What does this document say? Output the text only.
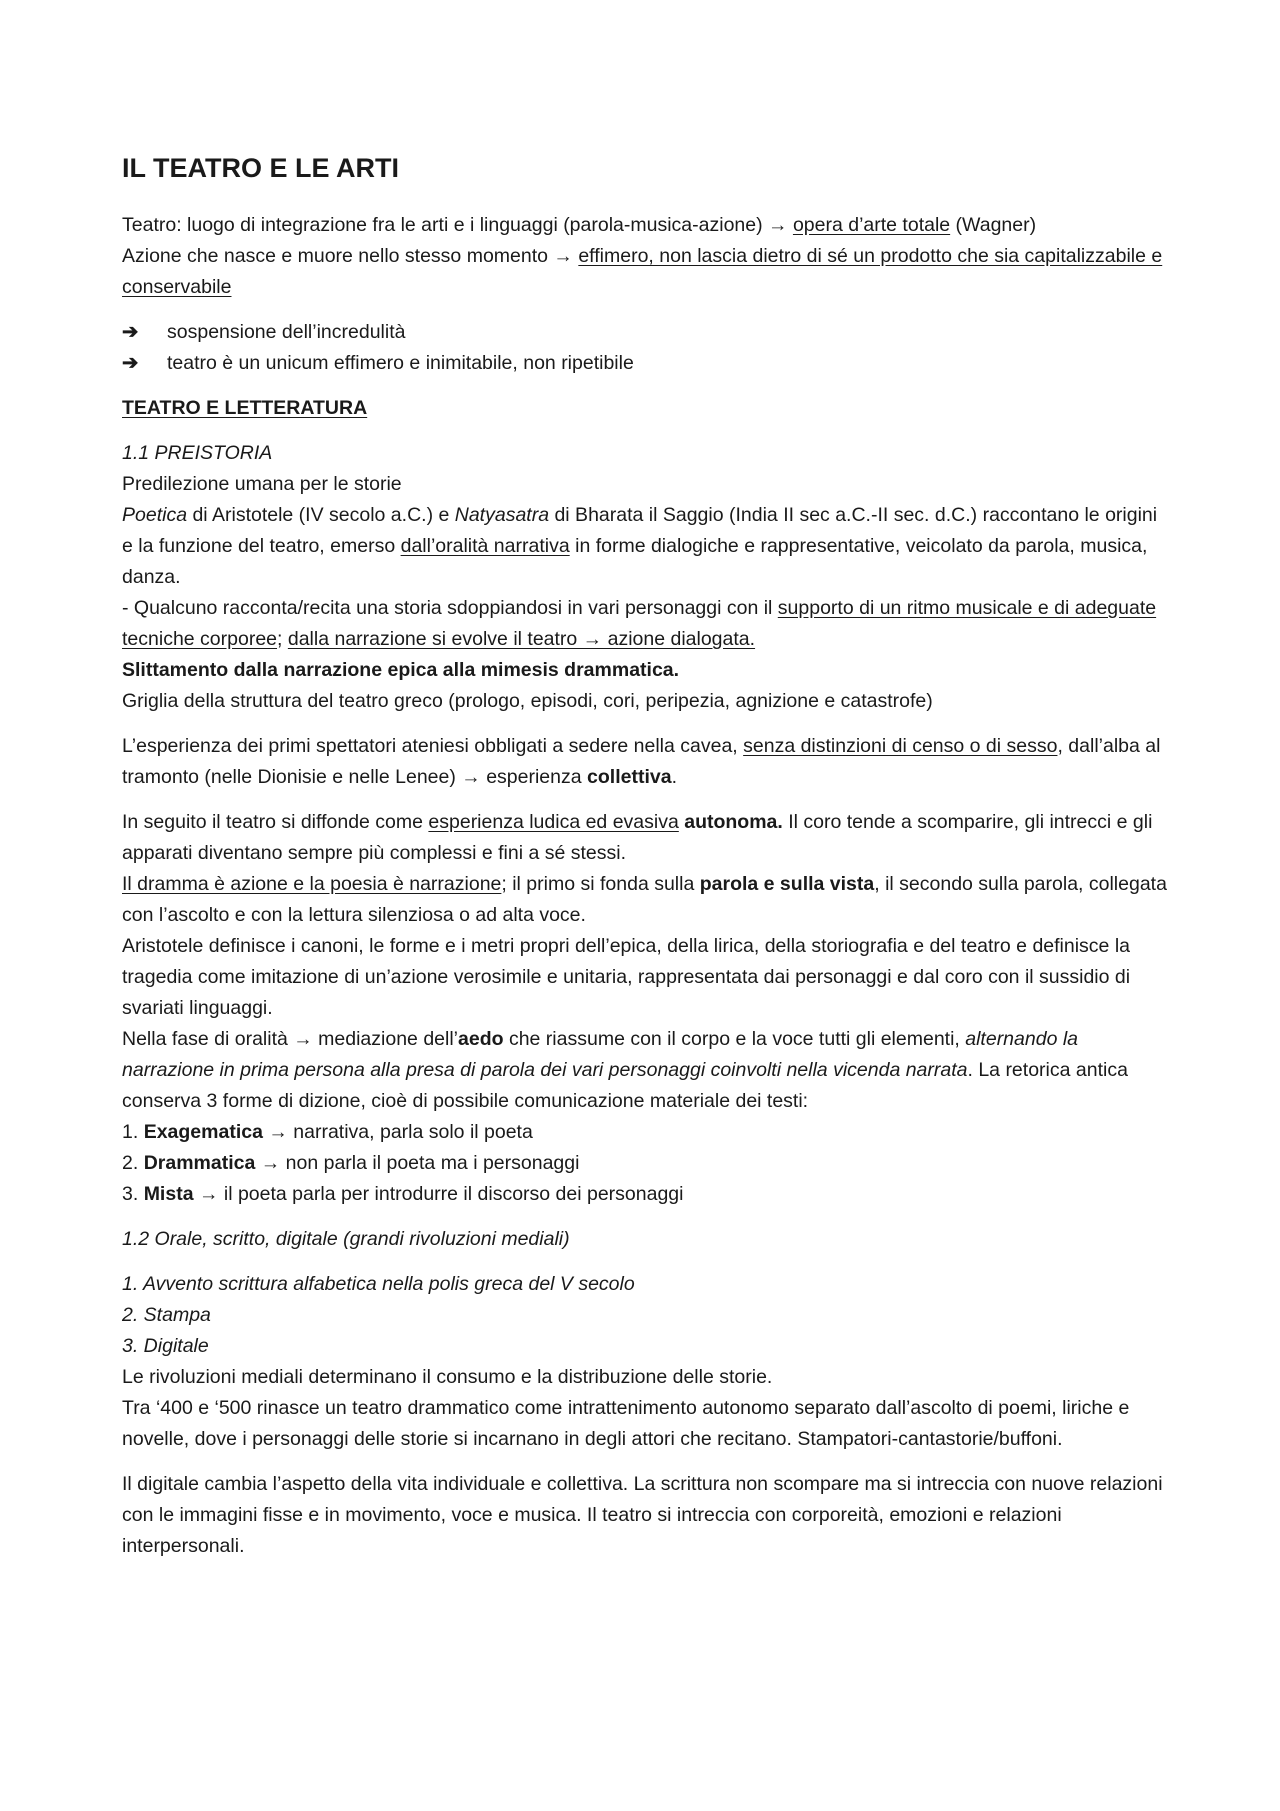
IL TEATRO E LE ARTI

Teatro: luogo di integrazione fra le arti e i linguaggi (parola-musica-azione) → opera d’arte totale (Wagner)
Azione che nasce e muore nello stesso momento → effimero, non lascia dietro di sé un prodotto che sia capitalizzabile e conservabile

➔ sospensione dell’incredulità
➔ teatro è un unicum effimero e inimitabile, non ripetibile
TEATRO E LETTERATURA

1.1 PREISTORIA
Predilezione umana per le storie
Poetica di Aristotele (IV secolo a.C.) e Natyasatra di Bharata il Saggio (India II sec a.C.-II sec. d.C.) raccontano le origini e la funzione del teatro, emerso dall’oralità narrativa in forme dialogiche e rappresentative, veicolato da parola, musica, danza.
- Qualcuno racconta/recita una storia sdoppiandosi in vari personaggi con il supporto di un ritmo musicale e di adeguate tecniche corporee; dalla narrazione si evolve il teatro → azione dialogata.
Slittamento dalla narrazione epica alla mimesis drammatica.
Griglia della struttura del teatro greco (prologo, episodi, cori, peripezia, agnizione e catastrofe)

L’esperienza dei primi spettatori ateniesi obbligati a sedere nella cavea, senza distinzioni di censo o di sesso, dall’alba al tramonto (nelle Dionisie e nelle Lenee) → esperienza collettiva.

In seguito il teatro si diffonde come esperienza ludica ed evasiva autonoma. Il coro tende a scomparire, gli intrecci e gli apparati diventano sempre più complessi e fini a sé stessi.
Il dramma è azione e la poesia è narrazione; il primo si fonda sulla parola e sulla vista, il secondo sulla parola, collegata con l’ascolto e con la lettura silenziosa o ad alta voce.
Aristotele definisce i canoni, le forme e i metri propri dell’epica, della lirica, della storiografia e del teatro e definisce la tragedia come imitazione di un’azione verosimile e unitaria, rappresentata dai personaggi e dal coro con il sussidio di svariati linguaggi.
Nella fase di oralità → mediazione dell’aedo che riassume con il corpo e la voce tutti gli elementi, alternando la narrazione in prima persona alla presa di parola dei vari personaggi coinvolti nella vicenda narrata. La retorica antica conserva 3 forme di dizione, cioè di possibile comunicazione materiale dei testi:
1. Exagematica → narrativa, parla solo il poeta
2. Drammatica → non parla il poeta ma i personaggi
3. Mista → il poeta parla per introdurre il discorso dei personaggi

1.2 Orale, scritto, digitale (grandi rivoluzioni mediali)

1. Avvento scrittura alfabetica nella polis greca del V secolo
2. Stampa
3. Digitale
Le rivoluzioni mediali determinano il consumo e la distribuzione delle storie.
Tra ‘400 e ‘500 rinasce un teatro drammatico come intrattenimento autonomo separato dall’ascolto di poemi, liriche e novelle, dove i personaggi delle storie si incarnano in degli attori che recitano. Stampatori-cantastorie/buffoni.

Il digitale cambia l’aspetto della vita individuale e collettiva. La scrittura non scompare ma si intreccia con nuove relazioni con le immagini fisse e in movimento, voce e musica. Il teatro si intreccia con corporeità, emozioni e relazioni interpersonali.
